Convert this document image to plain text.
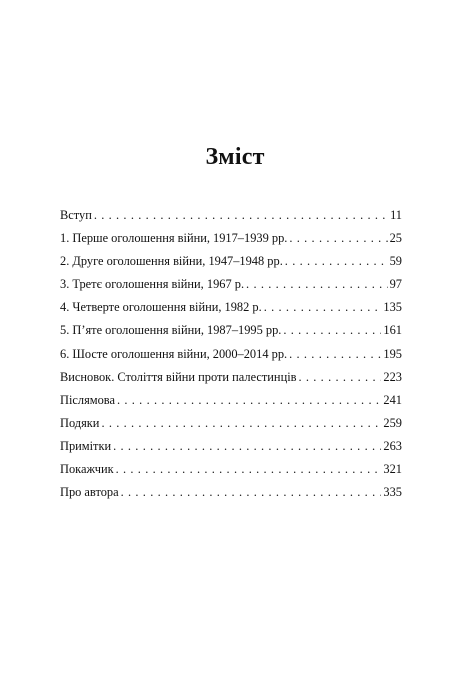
Зміст
Вступ . . .	11
1. Перше оголошення війни, 1917–1939 рр. . . .	25
2. Друге оголошення війни, 1947–1948 рр. . . .	59
3. Третє оголошення війни, 1967 р. . . .	97
4. Четверте оголошення війни, 1982 р. . . .	135
5. П’яте оголошення війни, 1987–1995 рр. . . .	161
6. Шосте оголошення війни, 2000–2014 рр. . . .	195
Висновок. Століття війни проти палестинців . . .	223
Післямова . . .	241
Подяки . . .	259
Примітки . . .	263
Покажчик . . .	321
Про автора . . .	335
